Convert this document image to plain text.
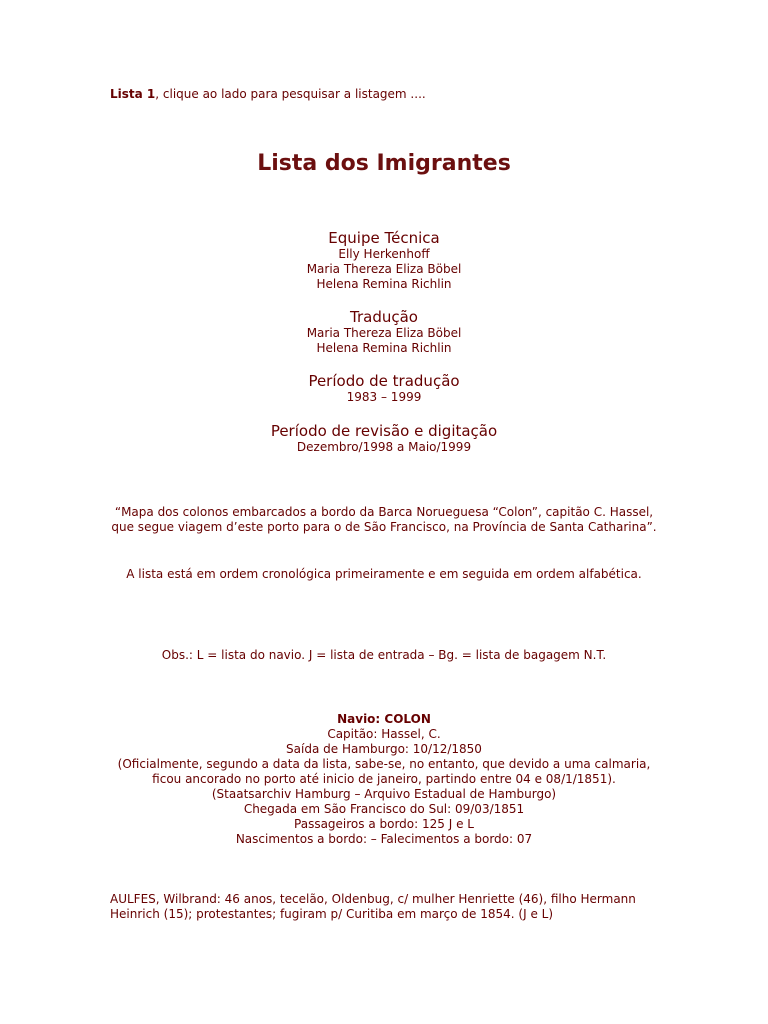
Lista 1, clique ao lado para pesquisar a listagem ....
Lista dos Imigrantes

Equipe Técnica

Elly Herkenhoff

Maria Thereza Eliza Böbel

Helena Remina Richlin

Tradução

Maria Thereza Eliza Böbel

Helena Remina Richlin

Período de tradução

1983 – 1999

Período de revisão e digitação

Dezembro/1998 a Maio/1999

“Mapa dos colonos embarcados a bordo da Barca Norueguesa “Colon”, capitão C. Hassel, que segue viagem d’este porto para o de São Francisco, na Província de Santa Catharina”.
A lista está em ordem cronológica primeiramente e em seguida em ordem alfabética.
Obs.: L = lista do navio. J = lista de entrada – Bg. = lista de bagagem N.T.
Navio: COLON
Capitão: Hassel, C.
Saída de Hamburgo: 10/12/1850
(Oficialmente, segundo a data da lista, sabe-se, no entanto, que devido a uma calmaria,
ficou ancorado no porto até inicio de janeiro, partindo entre 04 e 08/1/1851).
(Staatsarchiv Hamburg – Arquivo Estadual de Hamburgo)
Chegada em São Francisco do Sul: 09/03/1851
Passageiros a bordo: 125 J e L
Nascimentos a bordo: – Falecimentos a bordo: 07
AULFES, Wilbrand: 46 anos, tecelão, Oldenbug, c/ mulher Henriette (46), filho Hermann Heinrich (15); protestantes; fugiram p/ Curitiba em março de 1854. (J e L)
